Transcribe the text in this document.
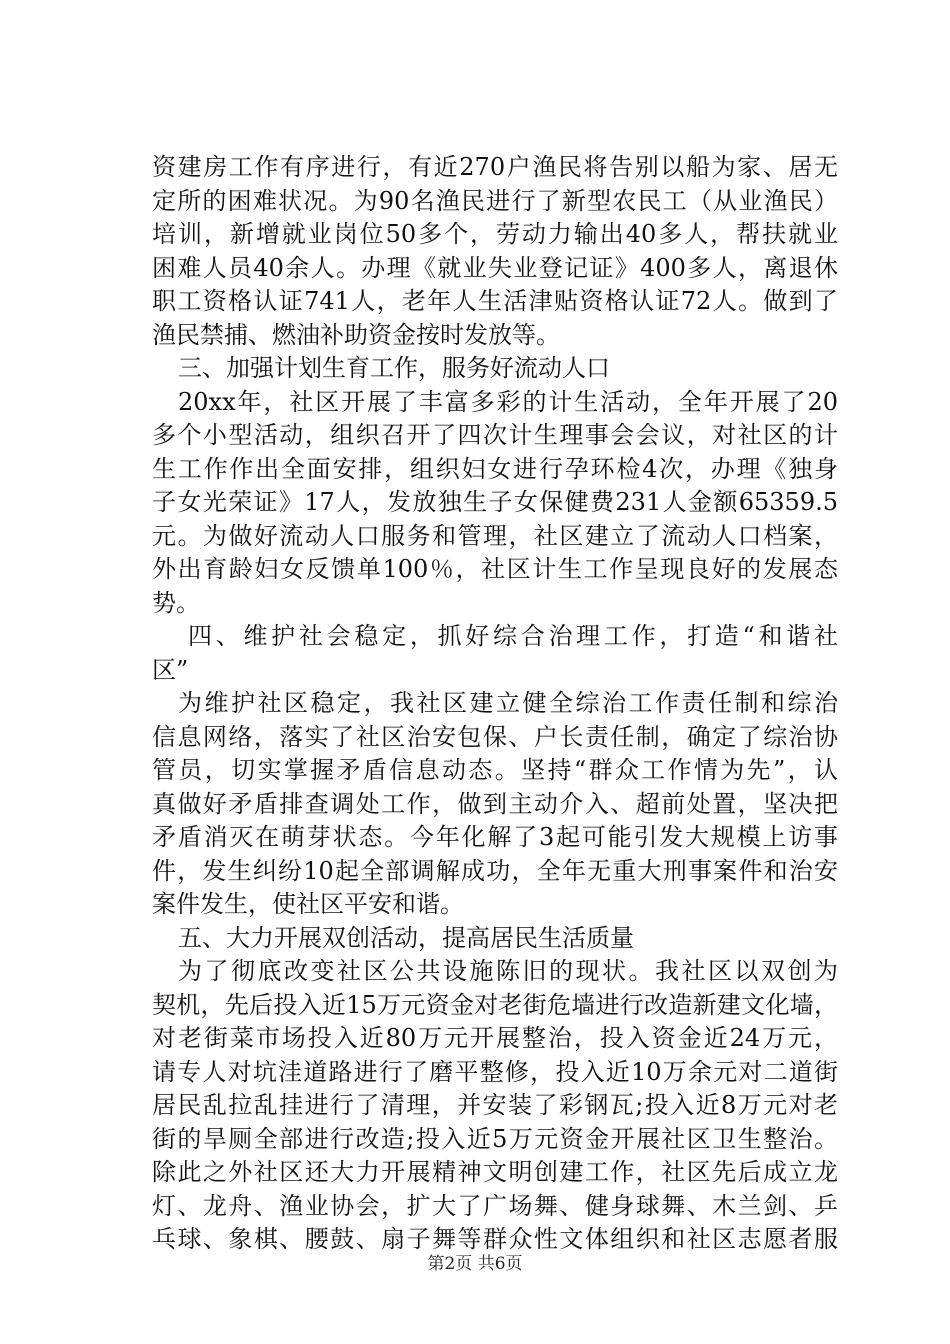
资建房工作有序进行，有近270户渔民将告别以船为家、居无
定所的困难状况。为90名渔民进行了新型农民工（从业渔民）
培训，新增就业岗位50多个，劳动力输出40多人，帮扶就业
困难人员40余人。办理《就业失业登记证》400多人，离退休
职工资格认证741人，老年人生活津贴资格认证72人。做到了
渔民禁捕、燃油补助资金按时发放等。
三、加强计划生育工作，服务好流动人口
20xx年，社区开展了丰富多彩的计生活动，全年开展了20
多个小型活动，组织召开了四次计生理事会会议，对社区的计
生工作作出全面安排，组织妇女进行孕环检4次，办理《独身
子女光荣证》17人，发放独生子女保健费231人金额65359.5
元。为做好流动人口服务和管理，社区建立了流动人口档案，
外出育龄妇女反馈单100％，社区计生工作呈现良好的发展态
势。
四、维护社会稳定，抓好综合治理工作，打造“和谐社
区”
为维护社区稳定，我社区建立健全综治工作责任制和综治
信息网络，落实了社区治安包保、户长责任制，确定了综治协
管员，切实掌握矛盾信息动态。坚持“群众工作情为先”，认
真做好矛盾排查调处工作，做到主动介入、超前处置，坚决把
矛盾消灭在萌芽状态。今年化解了3起可能引发大规模上访事
件，发生纠纷10起全部调解成功，全年无重大刑事案件和治安
案件发生，使社区平安和谐。
五、大力开展双创活动，提高居民生活质量
为了彻底改变社区公共设施陈旧的现状。我社区以双创为
契机，先后投入近15万元资金对老街危墙进行改造新建文化墙，
对老街菜市场投入近80万元开展整治，投入资金近24万元，
请专人对坑洼道路进行了磨平整修，投入近10万余元对二道街
居民乱拉乱挂进行了清理，并安装了彩钢瓦;投入近8万元对老
街的旱厕全部进行改造;投入近5万元资金开展社区卫生整治。
除此之外社区还大力开展精神文明创建工作，社区先后成立龙
灯、龙舟、渔业协会，扩大了广场舞、健身球舞、木兰剑、乒
乓球、象棋、腰鼓、扇子舞等群众性文体组织和社区志愿者服
第2页 共6页
